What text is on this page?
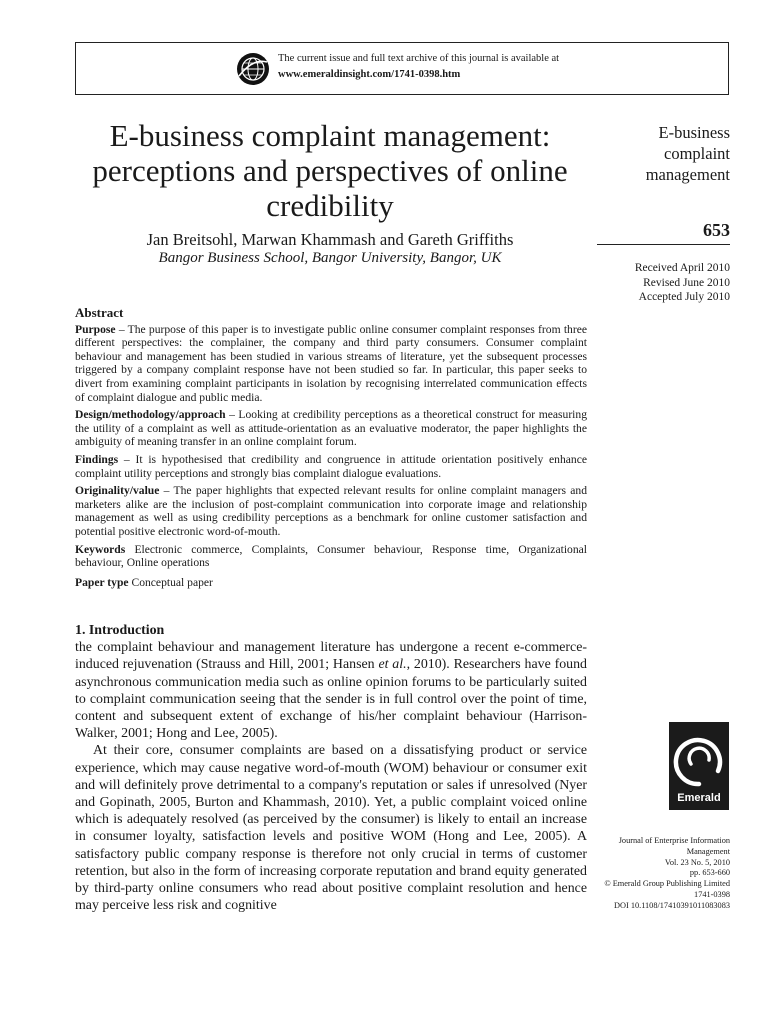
The current issue and full text archive of this journal is available at
www.emeraldinsight.com/1741-0398.htm
E-business complaint management: perceptions and perspectives of online credibility
Jan Breitsohl, Marwan Khammash and Gareth Griffiths
Bangor Business School, Bangor University, Bangor, UK
E-business complaint management
653
Received April 2010
Revised June 2010
Accepted July 2010
Abstract
Purpose – The purpose of this paper is to investigate public online consumer complaint responses from three different perspectives: the complainer, the company and third party consumers. Consumer complaint behaviour and management has been studied in various streams of literature, yet the subsequent processes triggered by a company complaint response have not been studied so far. In particular, this paper seeks to divert from examining complaint participants in isolation by recognising interrelated communication effects of complaint dialogue and public media.
Design/methodology/approach – Looking at credibility perceptions as a theoretical construct for measuring the utility of a complaint as well as attitude-orientation as an evaluative moderator, the paper highlights the ambiguity of meaning transfer in an online complaint forum.
Findings – It is hypothesised that credibility and congruence in attitude orientation positively enhance complaint utility perceptions and strongly bias complaint dialogue evaluations.
Originality/value – The paper highlights that expected relevant results for online complaint managers and marketers alike are the inclusion of post-complaint communication into corporate image and relationship management as well as using credibility perceptions as a benchmark for online customer satisfaction and potential positive electronic word-of-mouth.
Keywords Electronic commerce, Complaints, Consumer behaviour, Response time, Organizational behaviour, Online operations
Paper type Conceptual paper
1. Introduction

the complaint behaviour and management literature has undergone a recent e-commerce-induced rejuvenation (Strauss and Hill, 2001; Hansen et al., 2010). Researchers have found asynchronous communication media such as online opinion forums to be particularly suited to complaint communication seeing that the sender is in full control over the point of time, content and subsequent extent of exchange of his/her complaint behaviour (Harrison-Walker, 2001; Hong and Lee, 2005).

At their core, consumer complaints are based on a dissatisfying product or service experience, which may cause negative word-of-mouth (WOM) behaviour or consumer exit and will definitely prove detrimental to a company's reputation or sales if unresolved (Nyer and Gopinath, 2005, Burton and Khammash, 2010). Yet, a public complaint voiced online which is adequately resolved (as perceived by the consumer) is likely to entail an increase in consumer loyalty, satisfaction levels and positive WOM (Hong and Lee, 2005). A satisfactory public company response is therefore not only crucial in terms of customer retention, but also in the form of increasing corporate reputation and brand equity generated by third-party online consumers who read about positive complaint resolution and hence may perceive less risk and cognitive

Emerald
Journal of Enterprise Information
Management
Vol. 23 No. 5, 2010
pp. 653-660
© Emerald Group Publishing Limited
1741-0398
DOI 10.1108/17410391011083083
